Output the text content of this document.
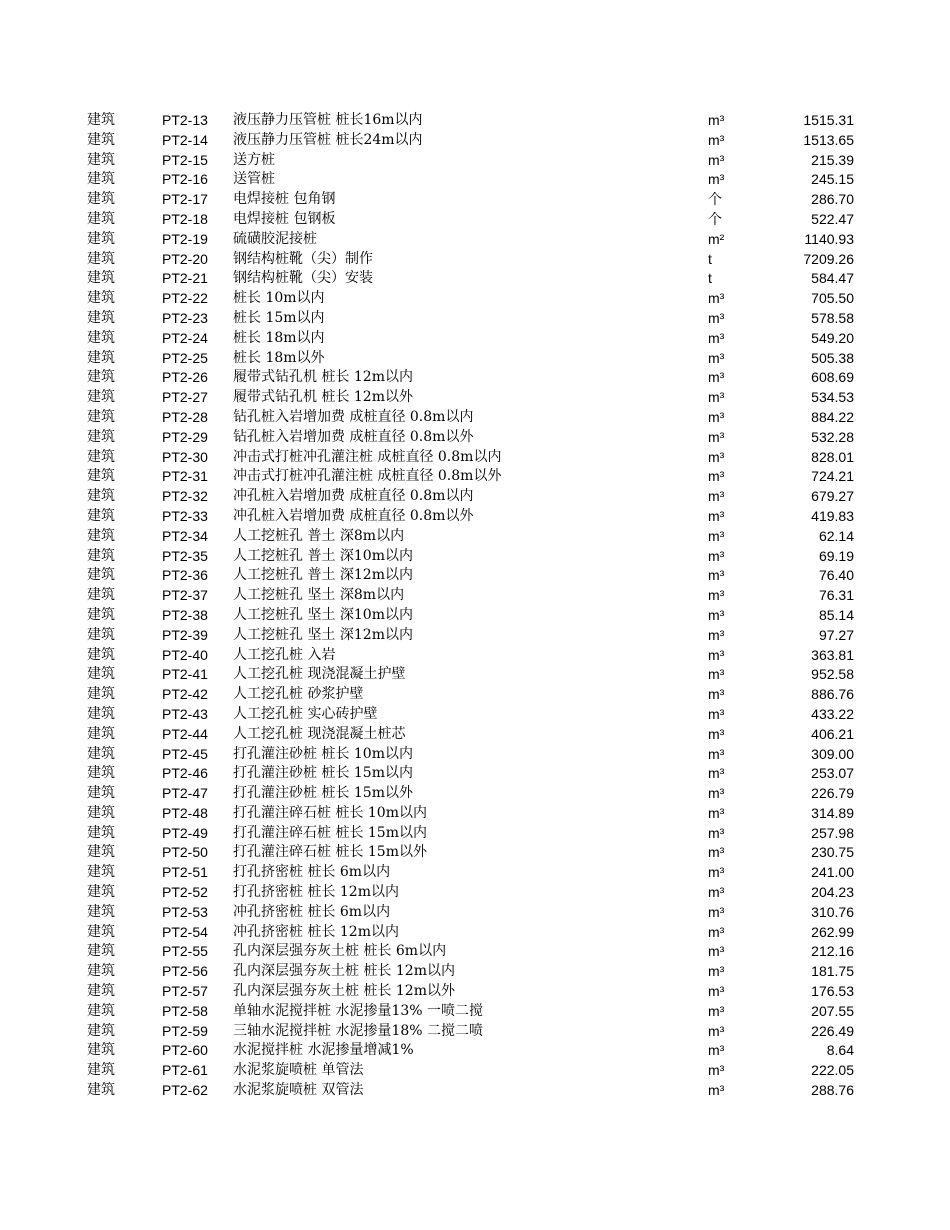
建筑	PT2-13 液压静力压管桩 桩长16m以内	m³	1515.31
建筑	PT2-14 液压静力压管桩 桩长24m以内	m³	1513.65
建筑	PT2-15 送方桩	m³	215.39
建筑	PT2-16 送管桩	m³	245.15
建筑	PT2-17 电焊接桩 包角钢	个	286.70
建筑	PT2-18 电焊接桩 包钢板	个	522.47
建筑	PT2-19 硫磺胶泥接桩	m²	1140.93
建筑	PT2-20 钢结构桩靴（尖）制作	t	7209.26
建筑	PT2-21 钢结构桩靴（尖）安装	t	584.47
建筑	PT2-22 桩长 10m以内	m³	705.50
建筑	PT2-23 桩长 15m以内	m³	578.58
建筑	PT2-24 桩长 18m以内	m³	549.20
建筑	PT2-25 桩长 18m以外	m³	505.38
建筑	PT2-26 履带式钻孔机 桩长 12m以内	m³	608.69
建筑	PT2-27 履带式钻孔机 桩长 12m以外	m³	534.53
建筑	PT2-28 钻孔桩入岩增加费 成桩直径 0.8m以内	m³	884.22
建筑	PT2-29 钻孔桩入岩增加费 成桩直径 0.8m以外	m³	532.28
建筑	PT2-30 冲击式打桩冲孔灌注桩 成桩直径 0.8m以内	m³	828.01
建筑	PT2-31 冲击式打桩冲孔灌注桩 成桩直径 0.8m以外	m³	724.21
建筑	PT2-32 冲孔桩入岩增加费 成桩直径 0.8m以内	m³	679.27
建筑	PT2-33 冲孔桩入岩增加费 成桩直径 0.8m以外	m³	419.83
建筑	PT2-34 人工挖桩孔 普土 深8m以内	m³	62.14
建筑	PT2-35 人工挖桩孔 普土 深10m以内	m³	69.19
建筑	PT2-36 人工挖桩孔 普土 深12m以内	m³	76.40
建筑	PT2-37 人工挖桩孔 坚土 深8m以内	m³	76.31
建筑	PT2-38 人工挖桩孔 坚土 深10m以内	m³	85.14
建筑	PT2-39 人工挖桩孔 坚土 深12m以内	m³	97.27
建筑	PT2-40 人工挖孔桩 入岩	m³	363.81
建筑	PT2-41 人工挖孔桩 现浇混凝土护壁	m³	952.58
建筑	PT2-42 人工挖孔桩 砂浆护壁	m³	886.76
建筑	PT2-43 人工挖孔桩 实心砖护壁	m³	433.22
建筑	PT2-44 人工挖孔桩 现浇混凝土桩芯	m³	406.21
建筑	PT2-45 打孔灌注砂桩 桩长 10m以内	m³	309.00
建筑	PT2-46 打孔灌注砂桩 桩长 15m以内	m³	253.07
建筑	PT2-47 打孔灌注砂桩 桩长 15m以外	m³	226.79
建筑	PT2-48 打孔灌注碎石桩 桩长 10m以内	m³	314.89
建筑	PT2-49 打孔灌注碎石桩 桩长 15m以内	m³	257.98
建筑	PT2-50 打孔灌注碎石桩 桩长 15m以外	m³	230.75
建筑	PT2-51 打孔挤密桩 桩长 6m以内	m³	241.00
建筑	PT2-52 打孔挤密桩 桩长 12m以内	m³	204.23
建筑	PT2-53 冲孔挤密桩 桩长 6m以内	m³	310.76
建筑	PT2-54 冲孔挤密桩 桩长 12m以内	m³	262.99
建筑	PT2-55 孔内深层强夯灰土桩 桩长 6m以内	m³	212.16
建筑	PT2-56 孔内深层强夯灰土桩 桩长 12m以内	m³	181.75
建筑	PT2-57 孔内深层强夯灰土桩 桩长 12m以外	m³	176.53
建筑	PT2-58 单轴水泥搅拌桩 水泥掺量13% 一喷二搅	m³	207.55
建筑	PT2-59 三轴水泥搅拌桩 水泥掺量18% 二搅二喷	m³	226.49
建筑	PT2-60 水泥搅拌桩 水泥掺量增减1%	m³	8.64
建筑	PT2-61 水泥浆旋喷桩 单管法	m³	222.05
建筑	PT2-62 水泥浆旋喷桩 双管法	m³	288.76
